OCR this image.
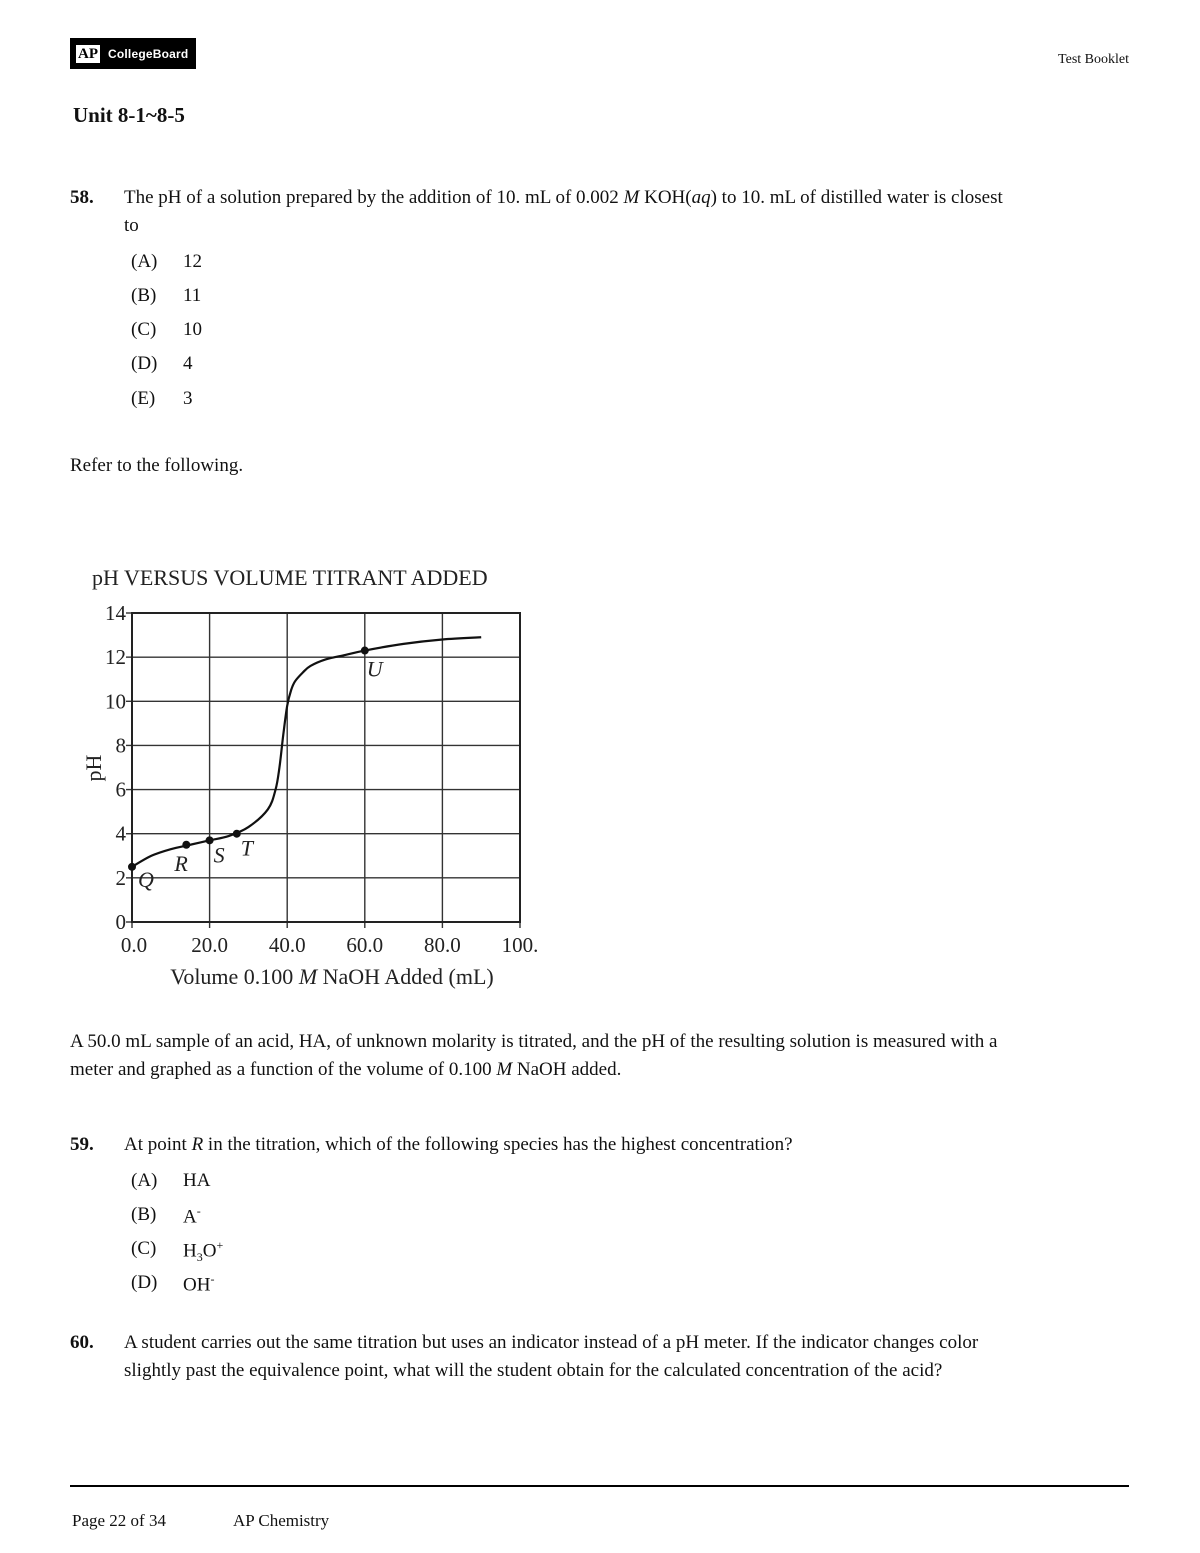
AP CollegeBoard	Test Booklet
Unit 8-1~8-5
58. The pH of a solution prepared by the addition of 10. mL of 0.002 M KOH(aq) to 10. mL of distilled water is closest
to
(A)	12
(B)	11
(C)	10
(D)	4
(E)	3
Refer to the following.
pH VERSUS VOLUME TITRANT ADDED
0.0 20.0 40.0 60.0 80.0 100.
0
2
4
6
8
10
12
14
pH
Volume 0.100 M NaOH Added (mL)
Q
R S T
U
A 50.0 mL sample of an acid, HA, of unknown molarity is titrated, and the pH of the resulting solution is measured with a
meter and graphed as a function of the volume of 0.100 M NaOH added.
59. At point R in the titration, which of the following species has the highest concentration?
(A)	HA
(B)	A-
(C)	$H_3O^+$
(D)	OH-
60. A student carries out the same titration but uses an indicator instead of a pH meter. If the indicator changes color
slightly past the equivalence point, what will the student obtain for the calculated concentration of the acid?
Page 22 of 34	AP Chemistry
